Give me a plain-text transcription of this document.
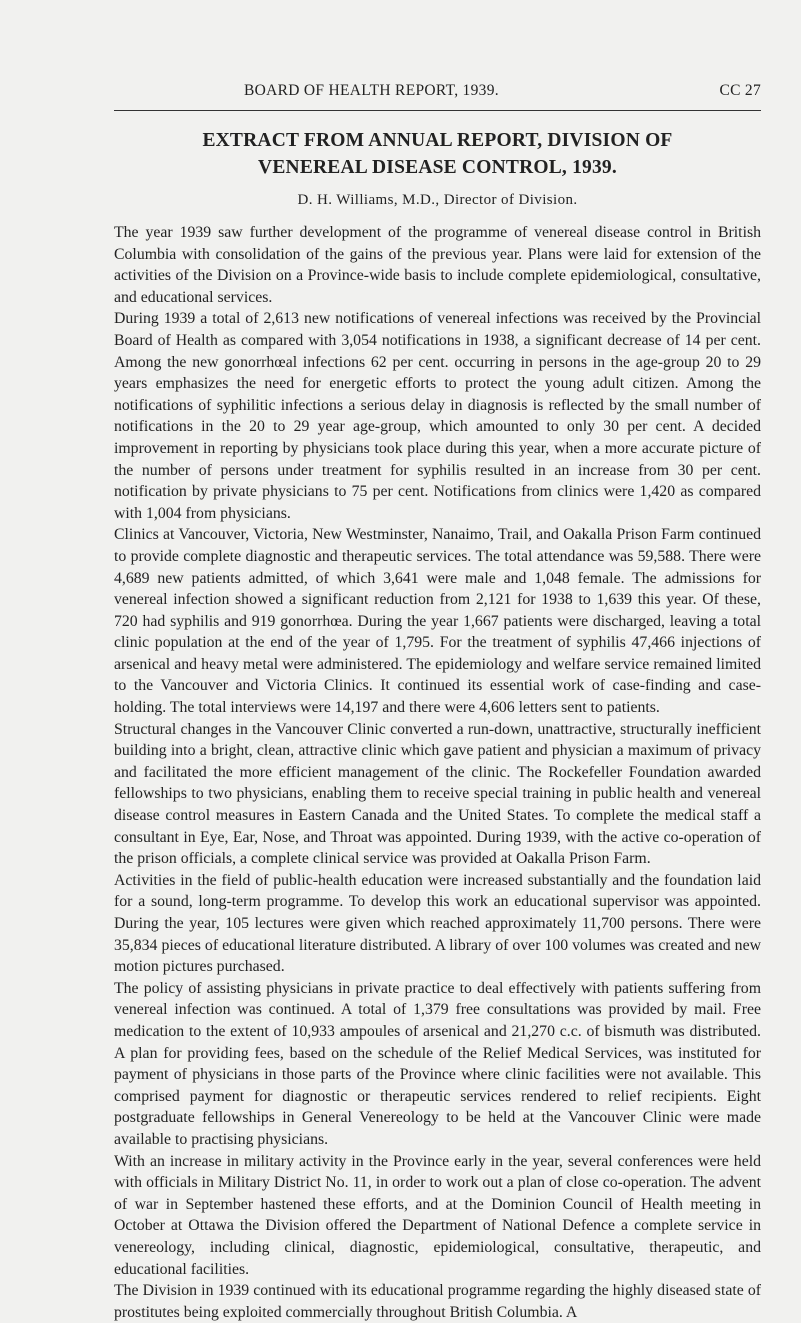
BOARD OF HEALTH REPORT, 1939.	CC 27
EXTRACT FROM ANNUAL REPORT, DIVISION OF
VENEREAL DISEASE CONTROL, 1939.
D. H. Williams, M.D., Director of Division.

The year 1939 saw further development of the programme of venereal disease control in British Columbia with consolidation of the gains of the previous year. Plans were laid for extension of the activities of the Division on a Province-wide basis to include complete epidemiological, consultative, and educational services.

During 1939 a total of 2,613 new notifications of venereal infections was received by the Provincial Board of Health as compared with 3,054 notifications in 1938, a significant decrease of 14 per cent. Among the new gonorrhœal infections 62 per cent. occurring in persons in the age-group 20 to 29 years emphasizes the need for energetic efforts to protect the young adult citizen. Among the notifications of syphilitic infections a serious delay in diagnosis is reflected by the small number of notifications in the 20 to 29 year age-group, which amounted to only 30 per cent. A decided improvement in reporting by physicians took place during this year, when a more accurate picture of the number of persons under treatment for syphilis resulted in an increase from 30 per cent. notification by private physicians to 75 per cent. Notifications from clinics were 1,420 as compared with 1,004 from physicians.

Clinics at Vancouver, Victoria, New Westminster, Nanaimo, Trail, and Oakalla Prison Farm continued to provide complete diagnostic and therapeutic services. The total attendance was 59,588. There were 4,689 new patients admitted, of which 3,641 were male and 1,048 female. The admissions for venereal infection showed a significant reduction from 2,121 for 1938 to 1,639 this year. Of these, 720 had syphilis and 919 gonorrhœa. During the year 1,667 patients were discharged, leaving a total clinic population at the end of the year of 1,795. For the treatment of syphilis 47,466 injections of arsenical and heavy metal were administered. The epidemiology and welfare service remained limited to the Vancouver and Victoria Clinics. It continued its essential work of case-finding and case-holding. The total interviews were 14,197 and there were 4,606 letters sent to patients.

Structural changes in the Vancouver Clinic converted a run-down, unattractive, structurally inefficient building into a bright, clean, attractive clinic which gave patient and physician a maximum of privacy and facilitated the more efficient management of the clinic. The Rockefeller Foundation awarded fellowships to two physicians, enabling them to receive special training in public health and venereal disease control measures in Eastern Canada and the United States. To complete the medical staff a consultant in Eye, Ear, Nose, and Throat was appointed. During 1939, with the active co-operation of the prison officials, a complete clinical service was provided at Oakalla Prison Farm.

Activities in the field of public-health education were increased substantially and the foundation laid for a sound, long-term programme. To develop this work an educational supervisor was appointed. During the year, 105 lectures were given which reached approximately 11,700 persons. There were 35,834 pieces of educational literature distributed. A library of over 100 volumes was created and new motion pictures purchased.

The policy of assisting physicians in private practice to deal effectively with patients suffering from venereal infection was continued. A total of 1,379 free consultations was provided by mail. Free medication to the extent of 10,933 ampoules of arsenical and 21,270 c.c. of bismuth was distributed. A plan for providing fees, based on the schedule of the Relief Medical Services, was instituted for payment of physicians in those parts of the Province where clinic facilities were not available. This comprised payment for diagnostic or therapeutic services rendered to relief recipients. Eight postgraduate fellowships in General Venereology to be held at the Vancouver Clinic were made available to practising physicians.

With an increase in military activity in the Province early in the year, several conferences were held with officials in Military District No. 11, in order to work out a plan of close co-operation. The advent of war in September hastened these efforts, and at the Dominion Council of Health meeting in October at Ottawa the Division offered the Department of National Defence a complete service in venereology, including clinical, diagnostic, epidemiological, consultative, therapeutic, and educational facilities.

The Division in 1939 continued with its educational programme regarding the highly diseased state of prostitutes being exploited commercially throughout British Columbia. A
